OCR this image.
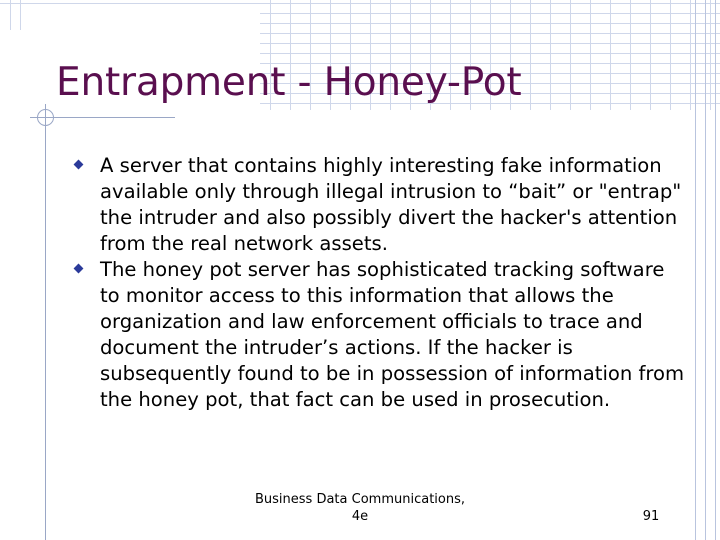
Entrapment - Honey-Pot
A server that contains highly interesting fake information available only through illegal intrusion to “bait” or "entrap" the intruder and also possibly divert the hacker's attention from the real network assets.
The honey pot server has sophisticated tracking software to monitor access to this information that allows the organization and law enforcement officials to trace and document the intruder’s actions. If the hacker is subsequently found to be in possession of information from the honey pot, that fact can be used in prosecution.
Business Data Communications,
4e	91
